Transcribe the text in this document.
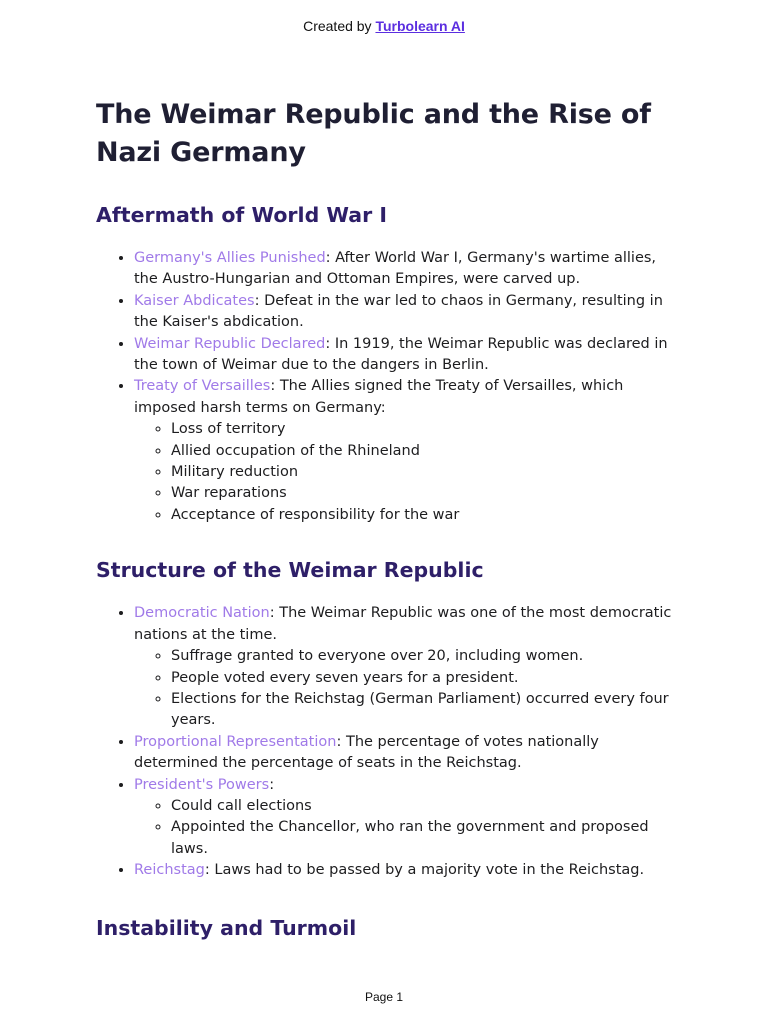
Created by Turbolearn AI
The Weimar Republic and the Rise of Nazi Germany
Aftermath of World War I
• Germany's Allies Punished: After World War I, Germany's wartime allies, the Austro-Hungarian and Ottoman Empires, were carved up.
• Kaiser Abdicates: Defeat in the war led to chaos in Germany, resulting in the Kaiser's abdication.
• Weimar Republic Declared: In 1919, the Weimar Republic was declared in the town of Weimar due to the dangers in Berlin.
• Treaty of Versailles: The Allies signed the Treaty of Versailles, which imposed harsh terms on Germany:
◦ Loss of territory
◦ Allied occupation of the Rhineland
◦ Military reduction
◦ War reparations
◦ Acceptance of responsibility for the war
Structure of the Weimar Republic
• Democratic Nation: The Weimar Republic was one of the most democratic nations at the time.
◦ Suffrage granted to everyone over 20, including women.
◦ People voted every seven years for a president.
◦ Elections for the Reichstag (German Parliament) occurred every four years.
• Proportional Representation: The percentage of votes nationally determined the percentage of seats in the Reichstag.
• President's Powers:
◦ Could call elections
◦ Appointed the Chancellor, who ran the government and proposed laws.
• Reichstag: Laws had to be passed by a majority vote in the Reichstag.
Instability and Turmoil
Page 1
